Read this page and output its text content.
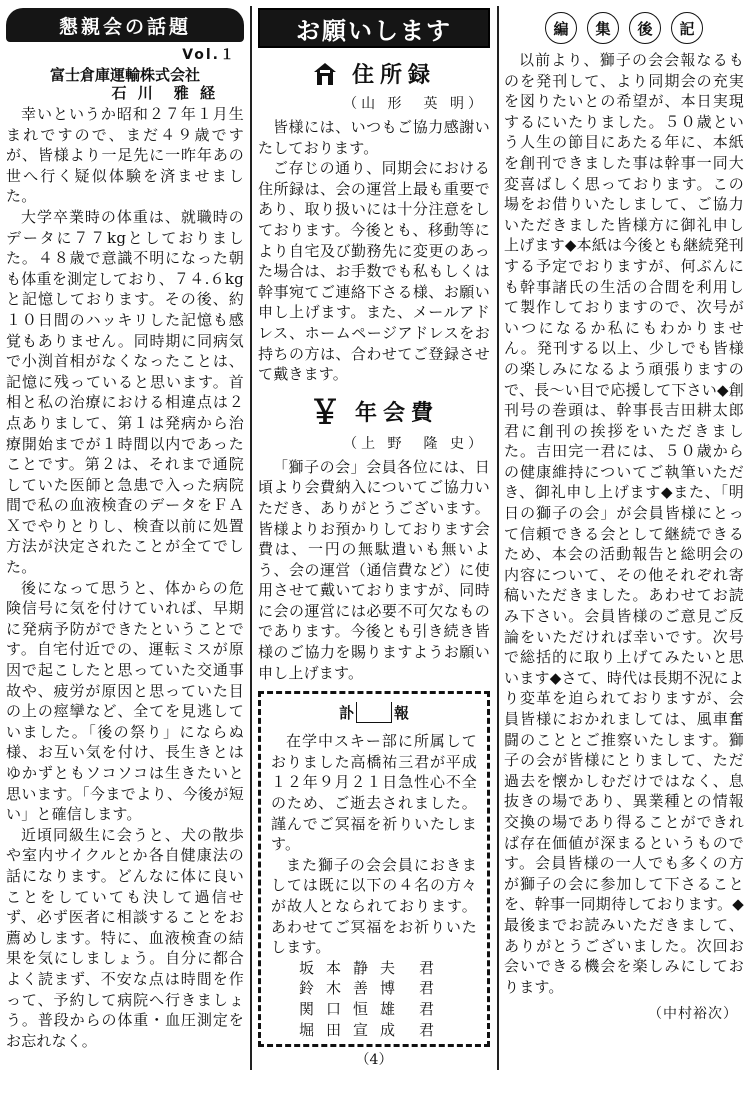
懇親会の話題
Vol.１
富士倉庫運輸株式会社
石 川　雅 経

幸いというか昭和２７年１月生まれですので、まだ４９歳ですが、皆様より一足先に一昨年あの世へ行く疑似体験を済ませました。

大学卒業時の体重は、就職時のデータに７７kgとしておりました。４８歳で意識不明になった朝も体重を測定しており、７４.６kgと記憶しております。その後、約１０日間のハッキリした記憶も感覚もありません。同時期に同病気で小渕首相がなくなったことは、記憶に残っていると思います。首相と私の治療における相違点は２点ありまして、第１は発病から治療開始までが１時間以内であったことです。第２は、それまで通院していた医師と急患で入った病院間で私の血液検査のデータをＦＡＸでやりとりし、検査以前に処置方法が決定されたことが全てでした。

後になって思うと、体からの危険信号に気を付けていれば、早期に発病予防ができたということです。自宅付近での、運転ミスが原因で起こしたと思っていた交通事故や、疲労が原因と思っていた目の上の痙攣など、全てを見逃していました。「後の祭り」にならぬ様、お互い気を付け、長生きとはゆかずともソコソコは生きたいと思います。「今までより、今後が短い」と確信します。

近頃同級生に会うと、犬の散歩や室内サイクルとか各自健康法の話になります。どんなに体に良いことをしていても決して過信せず、必ず医者に相談することをお薦めします。特に、血液検査の結果を気にしましょう。自分に都合よく読まず、不安な点は時間を作って、予約して病院へ行きましょう。普段からの体重・血圧測定をお忘れなく。

お願いします
住所録
（山 形　英 明）

皆様には、いつもご協力感謝いたしております。

ご存じの通り、同期会における住所録は、会の運営上最も重要であり、取り扱いには十分注意をしております。今後とも、移動等により自宅及び勤務先に変更のあった場合は、お手数でも私もしくは幹事宛てご連絡下さる様、お願い申し上げます。また、メールアドレス、ホームページアドレスをお持ちの方は、合わせてご登録させて戴きます。

￥ 年会費
（上 野　隆 史）

「獅子の会」会員各位には、日頃より会費納入についてご協力いただき、ありがとうございます。皆様よりお預かりしております会費は、一円の無駄遣いも無いよう、会の運営（通信費など）に使用させて戴いておりますが、同時に会の運営には必要不可欠なものであります。今後とも引き続き皆様のご協力を賜りますようお願い申し上げます。

訃	報

在学中スキー部に所属しておりました高橋祐三君が平成１２年９月２１日急性心不全のため、ご逝去されました。謹んでご冥福を祈りいたします。

また獅子の会会員におきましては既に以下の４名の方々が故人となられております。あわせてご冥福をお祈りいたします。

坂本静夫 君
鈴木善博 君
関口恒雄 君
堀田宣成 君
（4）
編	集	後	記

以前より、獅子の会会報なるものを発刊して、より同期会の充実を図りたいとの希望が、本日実現するにいたりました。５０歳という人生の節目にあたる年に、本紙を創刊できました事は幹事一同大変喜ばしく思っております。この場をお借りいたしまして、ご協力いただきました皆様方に御礼申し上げます◆本紙は今後とも継続発刊する予定でおりますが、何ぶんにも幹事諸氏の生活の合間を利用して製作しておりますので、次号がいつになるか私にもわかりません。発刊する以上、少しでも皆様の楽しみになるよう頑張りますので、長～い目で応援して下さい◆創刊号の巻頭は、幹事長吉田耕太郎君に創刊の挨拶をいただきました。吉田完一君には、５０歳からの健康維持についてご執筆いただき、御礼申し上げます◆また、「明日の獅子の会」が会員皆様にとって信頼できる会として継続できるため、本会の活動報告と総明会の内容について、その他それぞれ寄稿いただきました。あわせてお読み下さい。会員皆様のご意見ご反論をいただければ幸いです。次号で総括的に取り上げてみたいと思います◆さて、時代は長期不況により変革を迫られておりますが、会員皆様におかれましては、風車奮闘のこととご推察いたします。獅子の会が皆様にとりまして、ただ過去を懐かしむだけではなく、息抜きの場であり、異業種との情報交換の場であり得ることができれば存在価値が深まるというものです。会員皆様の一人でも多くの方が獅子の会に参加して下さることを、幹事一同期待しております。◆最後までお読みいただきまして、ありがとうございました。次回お会いできる機会を楽しみにしております。

（中村裕次）
